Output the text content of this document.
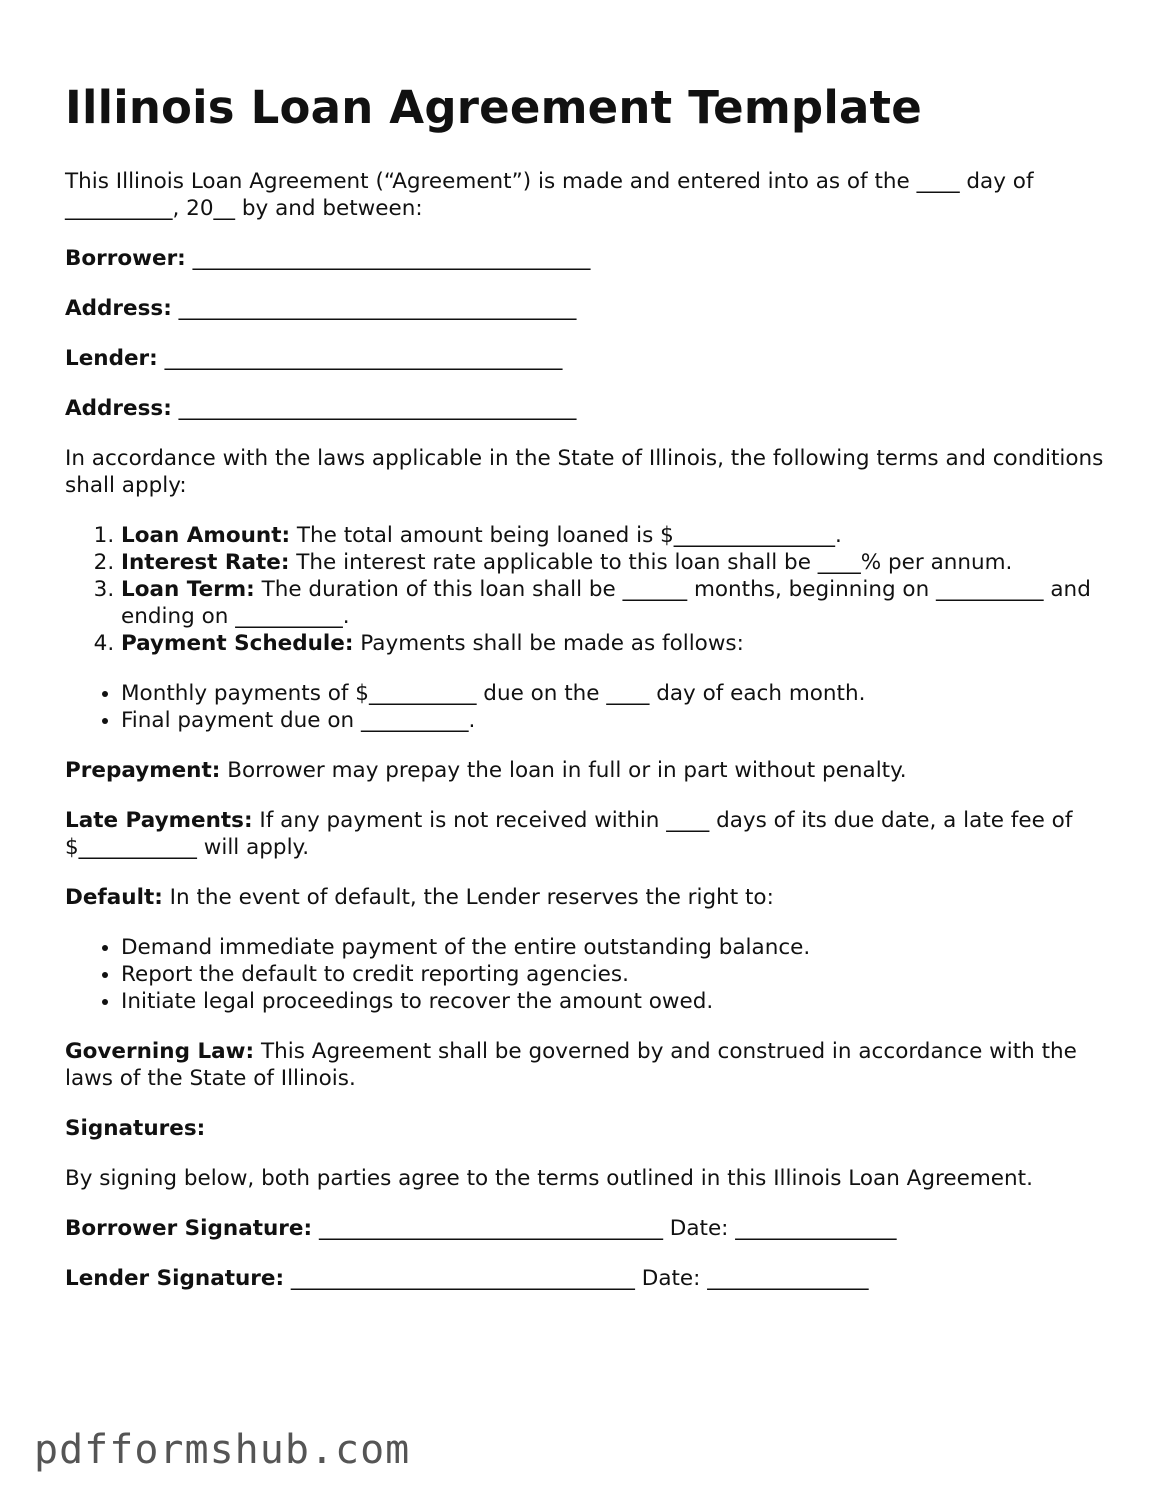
Illinois Loan Agreement Template

This Illinois Loan Agreement (“Agreement”) is made and entered into as of the ____ day of __________, 20__ by and between:

Borrower: _____________________________________

Address: _____________________________________

Lender: _____________________________________

Address: _____________________________________

In accordance with the laws applicable in the State of Illinois, the following terms and conditions shall apply:

1. Loan Amount: The total amount being loaned is $_______________.
2. Interest Rate: The interest rate applicable to this loan shall be ____% per annum.
3. Loan Term: The duration of this loan shall be ______ months, beginning on __________ and ending on __________.
4. Payment Schedule: Payments shall be made as follows:
• Monthly payments of $__________ due on the ____ day of each month.
• Final payment due on __________.

Prepayment: Borrower may prepay the loan in full or in part without penalty.

Late Payments: If any payment is not received within ____ days of its due date, a late fee of $___________ will apply.

Default: In the event of default, the Lender reserves the right to:

• Demand immediate payment of the entire outstanding balance.
• Report the default to credit reporting agencies.
• Initiate legal proceedings to recover the amount owed.

Governing Law: This Agreement shall be governed by and construed in accordance with the laws of the State of Illinois.

Signatures:

By signing below, both parties agree to the terms outlined in this Illinois Loan Agreement.

Borrower Signature: ________________________________ Date: _______________

Lender Signature: ________________________________ Date: _______________

pdfformshub.com
